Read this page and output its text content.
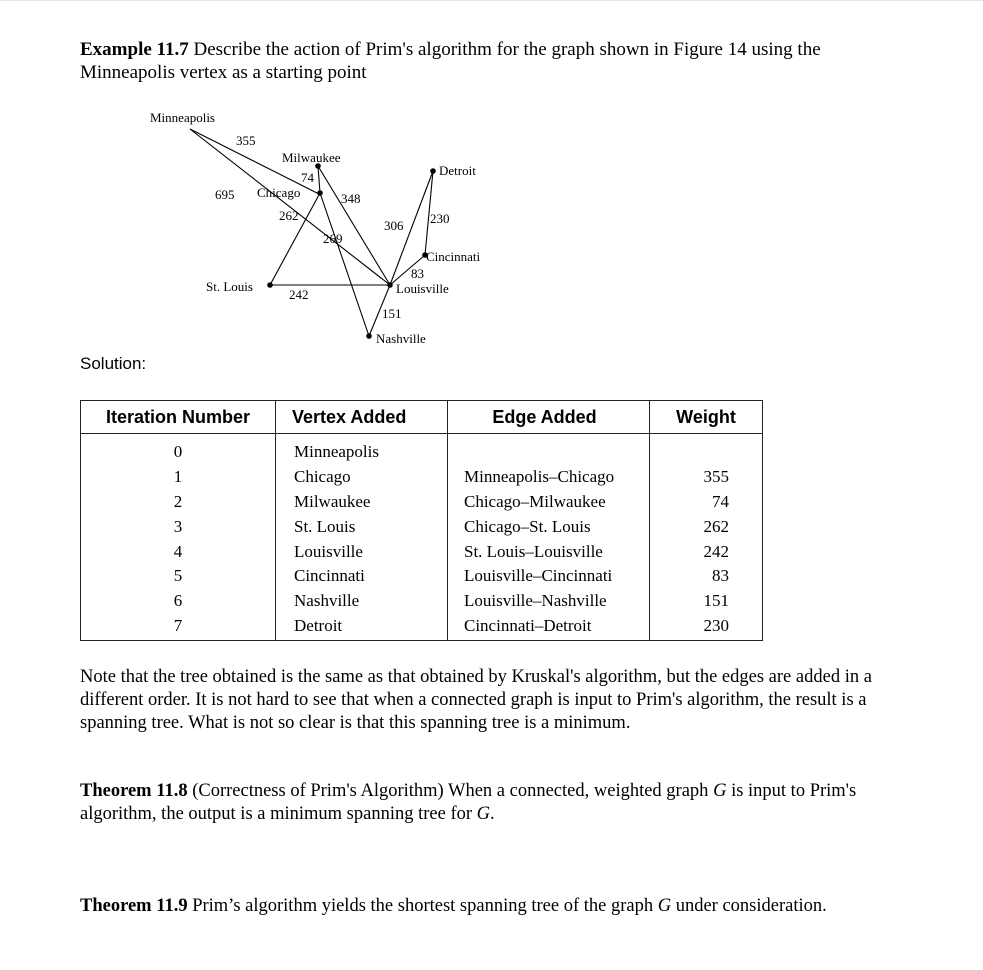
Example 11.7 Describe the action of Prim's algorithm for the graph shown in Figure 14 using the Minneapolis vertex as a starting point
Minneapolis
Milwaukee
Detroit
Chicago
Cincinnati
St. Louis	Louisville
Nashville
355
695
74
348
262
269
306 230
83
242
151
Solution:
Iteration Number	Vertex Added	Edge Added	Weight
0	Minneapolis		
1	Chicago	Minneapolis–Chicago	355
2	Milwaukee	Chicago–Milwaukee	74
3	St. Louis	Chicago–St. Louis	262
4	Louisville	St. Louis–Louisville	242
5	Cincinnati	Louisville–Cincinnati	83
6	Nashville	Louisville–Nashville	151
7	Detroit	Cincinnati–Detroit	230
Note that the tree obtained is the same as that obtained by Kruskal's algorithm, but the edges are added in a different order. It is not hard to see that when a connected graph is input to Prim's algorithm, the result is a spanning tree. What is not so clear is that this spanning tree is a minimum.
Theorem 11.8 (Correctness of Prim's Algorithm) When a connected, weighted graph G is input to Prim's algorithm, the output is a minimum spanning tree for G.
Theorem 11.9 Prim’s algorithm yields the shortest spanning tree of the graph G under consideration.
